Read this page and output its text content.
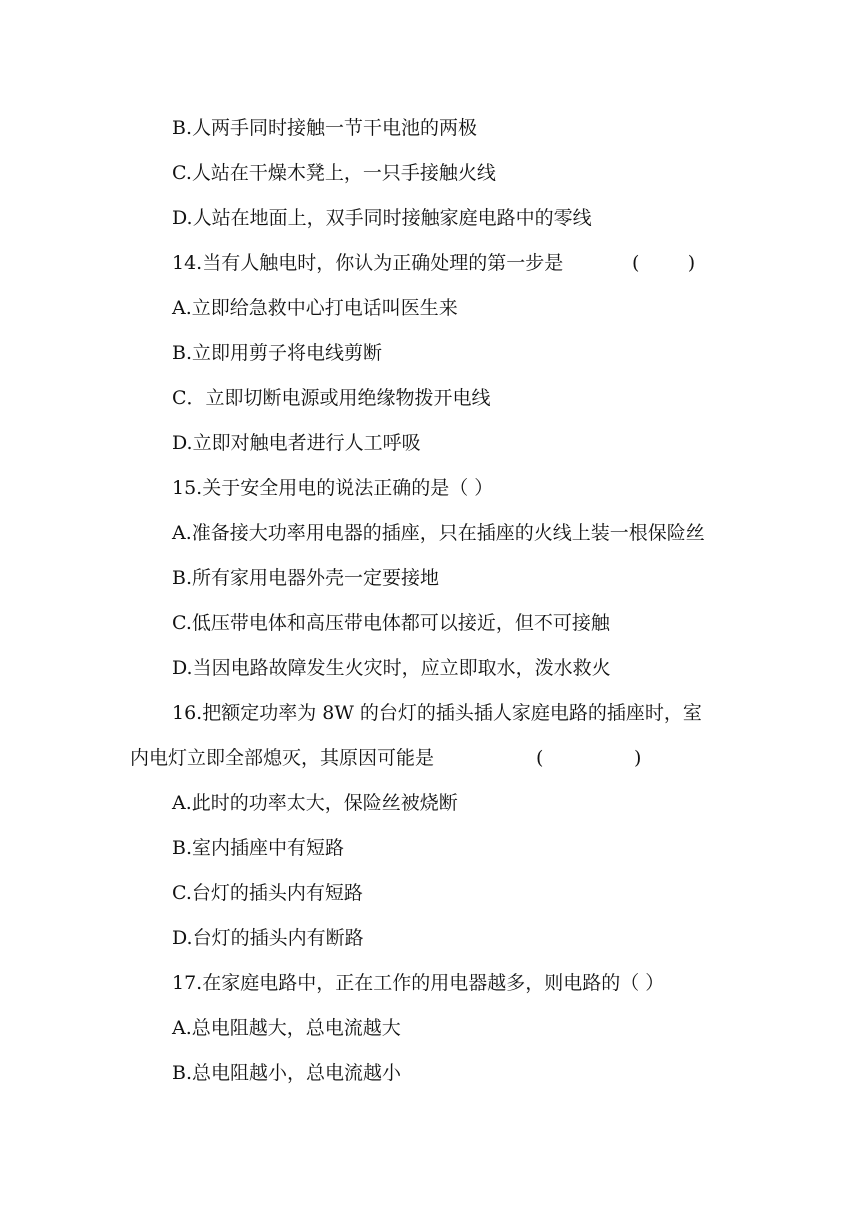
B.人两手同时接触一节干电池的两极
C.人站在干燥木凳上，一只手接触火线
D.人站在地面上，双手同时接触家庭电路中的零线
14.当有人触电时，你认为正确处理的第一步是	(        )
A.立即给急救中心打电话叫医生来
B.立即用剪子将电线剪断
C．立即切断电源或用绝缘物拨开电线
D.立即对触电者进行人工呼吸
15.关于安全用电的说法正确的是（ ）
A.准备接大功率用电器的插座，只在插座的火线上装一根保险丝
B.所有家用电器外壳一定要接地
C.低压带电体和高压带电体都可以接近，但不可接触
D.当因电路故障发生火灾时，应立即取水，泼水救火
16.把额定功率为 8W 的台灯的插头插人家庭电路的插座时，室
内电灯立即全部熄灭，其原因可能是	(               )
A.此时的功率太大，保险丝被烧断
B.室内插座中有短路
C.台灯的插头内有短路
D.台灯的插头内有断路
17.在家庭电路中，正在工作的用电器越多，则电路的（ ）
A.总电阻越大，总电流越大
B.总电阻越小，总电流越小
